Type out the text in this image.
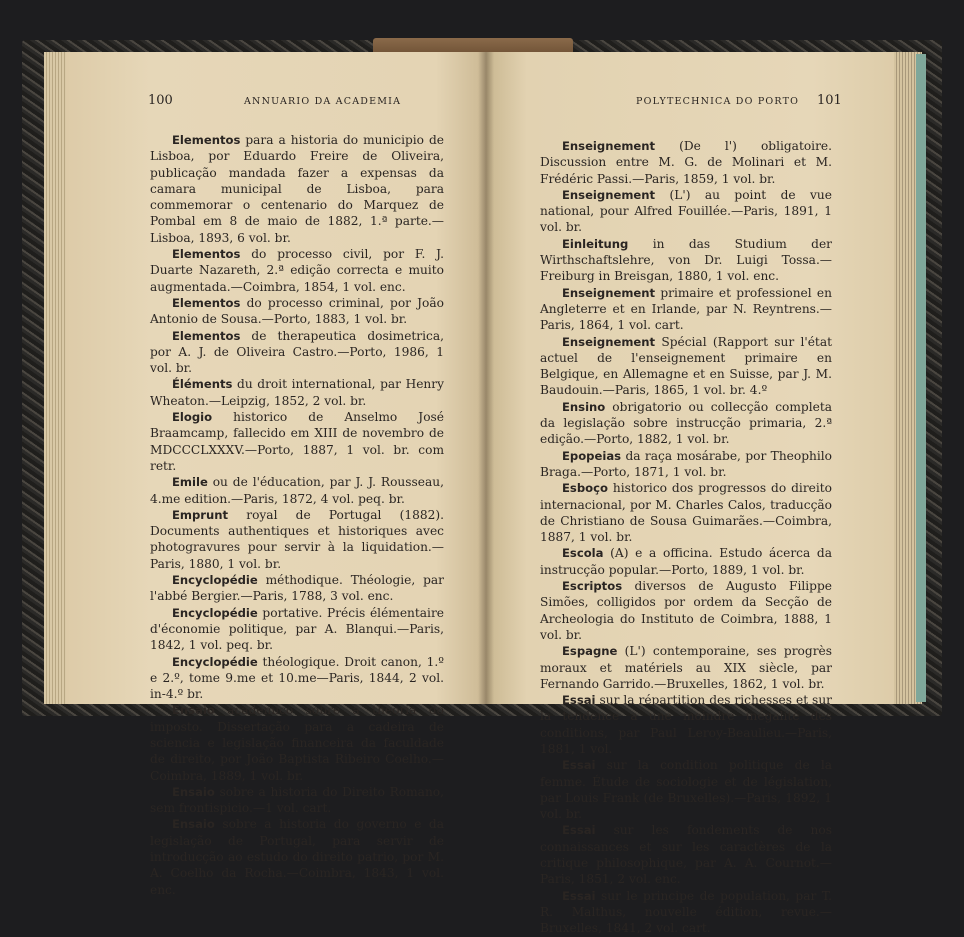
100	ANNUARIO DA ACADEMIA

Elementos para a historia do municipio de Lisboa, por Eduardo Freire de Oliveira, publicação mandada fazer a expensas da camara municipal de Lisboa, para commemorar o centenario do Marquez de Pombal em 8 de maio de 1882, 1.ª parte.—Lisboa, 1893, 6 vol. br.

Elementos do processo civil, por F. J. Duarte Nazareth, 2.ª edição correcta e muito augmentada.—Coimbra, 1854, 1 vol. enc.

Elementos do processo criminal, por João Antonio de Sousa.—Porto, 1883, 1 vol. br.

Elementos de therapeutica dosimetrica, por A. J. de Oliveira Castro.—Porto, 1986, 1 vol. br.

Éléments du droit international, par Henry Wheaton.—Leipzig, 1852, 2 vol. br.

Elogio historico de Anselmo José Braamcamp, fallecido em XIII de novembro de MDCCCLXXXV.—Porto, 1887, 1 vol. br. com retr.

Emile ou de l'éducation, par J. J. Rousseau, 4.me edition.—Paris, 1872, 4 vol. peq. br.

Emprunt royal de Portugal (1882). Documents authentiques et historiques avec photogravures pour servir à la liquidation.—Paris, 1880, 1 vol. br.

Encyclopédie méthodique. Théologie, par l'abbé Bergier.—Paris, 1788, 3 vol. enc.

Encyclopédie portative. Précis élémentaire d'économie politique, par A. Blanqui.—Paris, 1842, 1 vol. peq. br.

Encyclopédie théologique. Droit canon, 1.º e 2.º, tome 9.me et 10.me—Paris, 1844, 2 vol. in-4.º br.

Ensaio academico sobre a theoria do imposto. Dissertação para a cadeira de sciencia e legislação financeira da faculdade de direito, por João Baptista Ribeiro Coelho.—Coimbra, 1889, 1 vol. br.

Ensaio sobre a historia do Direito Romano, sem frontispicio.—1 vol. cart.

Ensaio sobre a historia do governo e da legislação de Portugal, para servir de introducção ao estudo do direito patrio, por M. A. Coelho da Rocha.—Coimbra, 1843, 1 vol. enc.

POLYTECHNICA DO PORTO 101

Enseignement (De l') obligatoire. Discussion entre M. G. de Molinari et M. Frédéric Passi.—Paris, 1859, 1 vol. br.

Enseignement (L') au point de vue national, pour Alfred Fouillée.—Paris, 1891, 1 vol. br.

Einleitung in das Studium der Wirthschaftslehre, von Dr. Luigi Tossa.—Freiburg in Breisgan, 1880, 1 vol. enc.

Enseignement primaire et professionel en Angleterre et en Irlande, par N. Reyntrens.—Paris, 1864, 1 vol. cart.

Enseignement Spécial (Rapport sur l'état actuel de l'enseignement primaire en Belgique, en Allemagne et en Suisse, par J. M. Baudouin.—Paris, 1865, 1 vol. br. 4.º

Ensino obrigatorio ou collecção completa da legislação sobre instrucção primaria, 2.ª edição.—Porto, 1882, 1 vol. br.

Epopeias da raça mosárabe, por Theophilo Braga.—Porto, 1871, 1 vol. br.

Esboço historico dos progressos do direito internacional, por M. Charles Calos, traducção de Christiano de Sousa Guimarães.—Coimbra, 1887, 1 vol. br.

Escola (A) e a officina. Estudo ácerca da instrucção popular.—Porto, 1889, 1 vol. br.

Escriptos diversos de Augusto Filippe Simões, colligidos por ordem da Secção de Archeologia do Instituto de Coimbra, 1888, 1 vol. br.

Espagne (L') contemporaine, ses progrès moraux et matériels au XIX siècle, par Fernando Garrido.—Bruxelles, 1862, 1 vol. br.

Essai sur la répartition des richesses et sur la tendence a une moindre inégalité des conditions, par Paul Leroy-Beaulieu.—Paris, 1881, 1 vol.

Essai sur la condition politique de la femme. Étude de sociologie et de législation, par Louis Frank (de Bruxelles).—Paris, 1892, 1 vol. br.

Essai sur les fondements de nos connaissances et sur les caractères de la critique philosophique, par A. A. Cournot.—Paris, 1851, 2 vol. enc.

Essai sur le principe de population, par T. R. Malthus, nouvelle édition, revue.—Bruxelles, 1841, 2 vol. cart.
